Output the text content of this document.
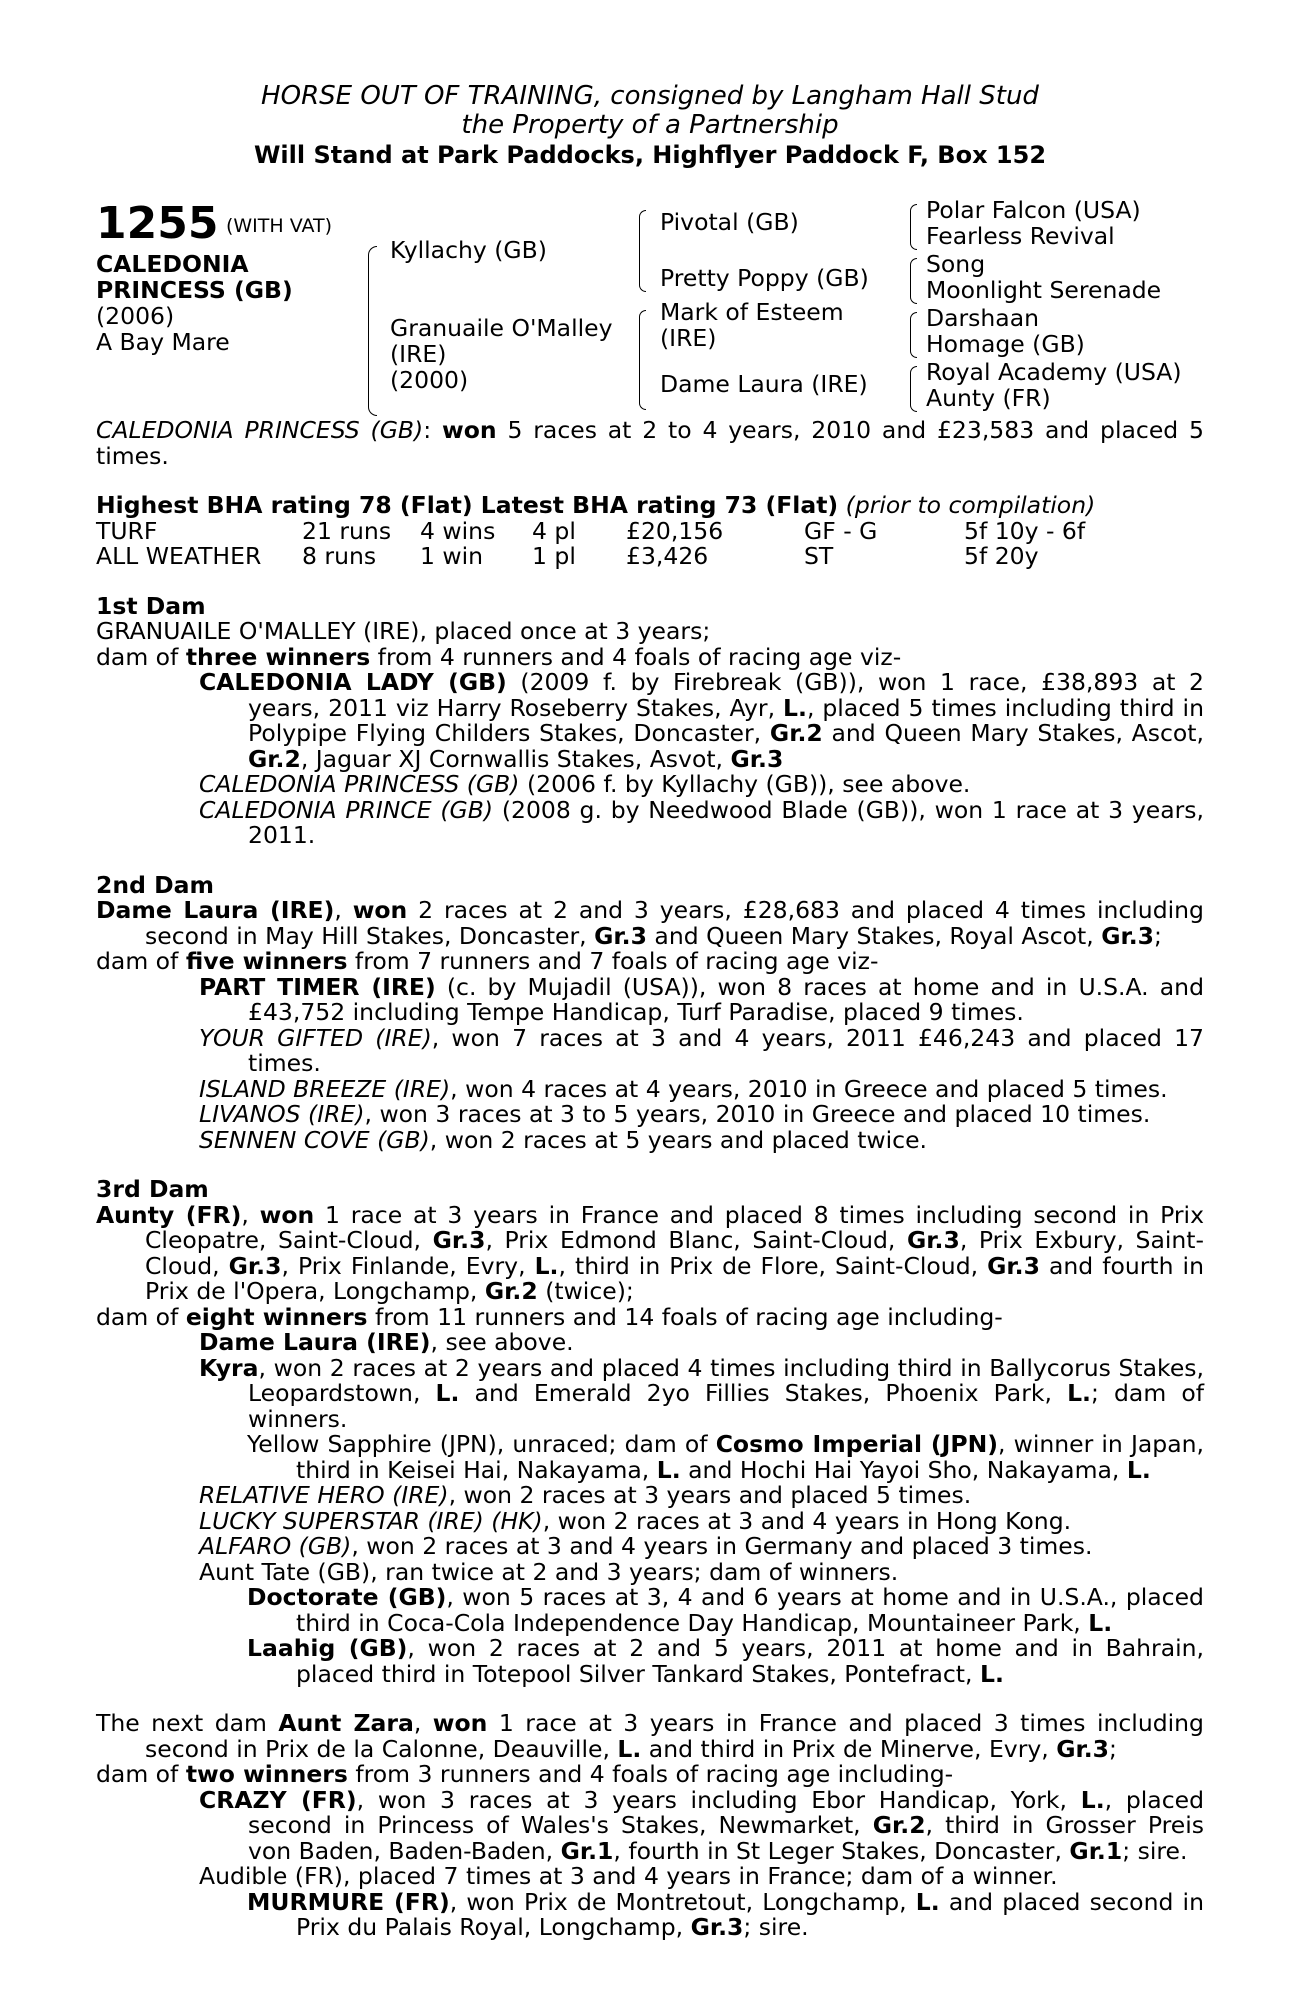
HORSE OUT OF TRAINING, consigned by Langham Hall Stud
the Property of a Partnership
Will Stand at Park Paddocks, Highflyer Paddock F, Box 152
1255 $^{(WITH VAT)}$
CALEDONIA
PRINCESS (GB)
(2006)
A Bay Mare
Kyllachy (GB)
Granuaile O'Malley
(IRE)
(2000)
Pivotal (GB)
Pretty Poppy (GB)
Mark of Esteem
(IRE)
Dame Laura (IRE)
Polar Falcon (USA)
Fearless Revival
Song
Moonlight Serenade
Darshaan
Homage (GB)
Royal Academy (USA)
Aunty (FR)

CALEDONIA PRINCESS (GB): won 5 races at 2 to 4 years, 2010 and £23,583 and placed 5 times.

Highest BHA rating 78 (Flat) Latest BHA rating 73 (Flat) (prior to compilation)
TURF	21 runs	4 wins	4 pl	£20,156	GF - G	5f 10y - 6f
ALL WEATHER	8 runs	1 win	1 pl	£3,426	ST	5f 20y
1st Dam

GRANUAILE O'MALLEY (IRE), placed once at 3 years;

dam of three winners from 4 runners and 4 foals of racing age viz-

CALEDONIA LADY (GB) (2009 f. by Firebreak (GB)), won 1 race, £38,893 at 2 years, 2011 viz Harry Roseberry Stakes, Ayr, L., placed 5 times including third in Polypipe Flying Childers Stakes, Doncaster, Gr.2 and Queen Mary Stakes, Ascot, Gr.2, Jaguar XJ Cornwallis Stakes, Asvot, Gr.3

CALEDONIA PRINCESS (GB) (2006 f. by Kyllachy (GB)), see above.

CALEDONIA PRINCE (GB) (2008 g. by Needwood Blade (GB)), won 1 race at 3 years, 2011.

2nd Dam

Dame Laura (IRE), won 2 races at 2 and 3 years, £28,683 and placed 4 times including second in May Hill Stakes, Doncaster, Gr.3 and Queen Mary Stakes, Royal Ascot, Gr.3;

dam of five winners from 7 runners and 7 foals of racing age viz-

PART TIMER (IRE) (c. by Mujadil (USA)), won 8 races at home and in U.S.A. and £43,752 including Tempe Handicap, Turf Paradise, placed 9 times.

YOUR GIFTED (IRE), won 7 races at 3 and 4 years, 2011 £46,243 and placed 17 times.

ISLAND BREEZE (IRE), won 4 races at 4 years, 2010 in Greece and placed 5 times.

LIVANOS (IRE), won 3 races at 3 to 5 years, 2010 in Greece and placed 10 times.

SENNEN COVE (GB), won 2 races at 5 years and placed twice.

3rd Dam

Aunty (FR), won 1 race at 3 years in France and placed 8 times including second in Prix Cleopatre, Saint-Cloud, Gr.3, Prix Edmond Blanc, Saint-Cloud, Gr.3, Prix Exbury, Saint-Cloud, Gr.3, Prix Finlande, Evry, L., third in Prix de Flore, Saint-Cloud, Gr.3 and fourth in Prix de l'Opera, Longchamp, Gr.2 (twice);

dam of eight winners from 11 runners and 14 foals of racing age including-

Dame Laura (IRE), see above.

Kyra, won 2 races at 2 years and placed 4 times including third in Ballycorus Stakes, Leopardstown, L. and Emerald 2yo Fillies Stakes, Phoenix Park, L.; dam of winners.

Yellow Sapphire (JPN), unraced; dam of Cosmo Imperial (JPN), winner in Japan, third in Keisei Hai, Nakayama, L. and Hochi Hai Yayoi Sho, Nakayama, L.

RELATIVE HERO (IRE), won 2 races at 3 years and placed 5 times.

LUCKY SUPERSTAR (IRE) (HK), won 2 races at 3 and 4 years in Hong Kong.

ALFARO (GB), won 2 races at 3 and 4 years in Germany and placed 3 times.

Aunt Tate (GB), ran twice at 2 and 3 years; dam of winners.

Doctorate (GB), won 5 races at 3, 4 and 6 years at home and in U.S.A., placed third in Coca-Cola Independence Day Handicap, Mountaineer Park, L.

Laahig (GB), won 2 races at 2 and 5 years, 2011 at home and in Bahrain, placed third in Totepool Silver Tankard Stakes, Pontefract, L.

The next dam Aunt Zara, won 1 race at 3 years in France and placed 3 times including second in Prix de la Calonne, Deauville, L. and third in Prix de Minerve, Evry, Gr.3;

dam of two winners from 3 runners and 4 foals of racing age including-

CRAZY (FR), won 3 races at 3 years including Ebor Handicap, York, L., placed second in Princess of Wales's Stakes, Newmarket, Gr.2, third in Grosser Preis von Baden, Baden-Baden, Gr.1, fourth in St Leger Stakes, Doncaster, Gr.1; sire.

Audible (FR), placed 7 times at 3 and 4 years in France; dam of a winner.

MURMURE (FR), won Prix de Montretout, Longchamp, L. and placed second in Prix du Palais Royal, Longchamp, Gr.3; sire.
